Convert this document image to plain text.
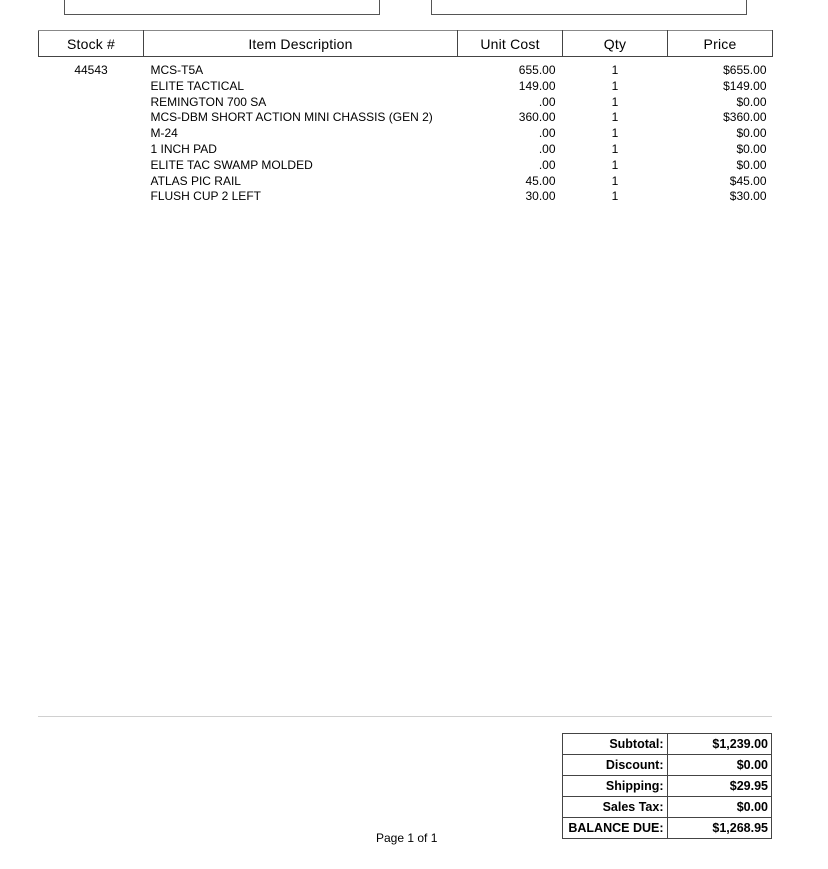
Stock #	Item Description	Unit Cost	Qty	Price
44543	MCS-T5A	655.00	1	$655.00
	ELITE TACTICAL	149.00	1	$149.00
	REMINGTON 700 SA	.00	1	$0.00
	MCS-DBM SHORT ACTION MINI CHASSIS (GEN 2)	360.00	1	$360.00
	M-24	.00	1	$0.00
	1 INCH PAD	.00	1	$0.00
	ELITE TAC SWAMP MOLDED	.00	1	$0.00
	ATLAS PIC RAIL	45.00	1	$45.00
	FLUSH CUP 2 LEFT	30.00	1	$30.00
Page 1 of 1
Subtotal:	$1,239.00
Discount:	$0.00
Shipping:	$29.95
Sales Tax:	$0.00
BALANCE DUE:	$1,268.95
